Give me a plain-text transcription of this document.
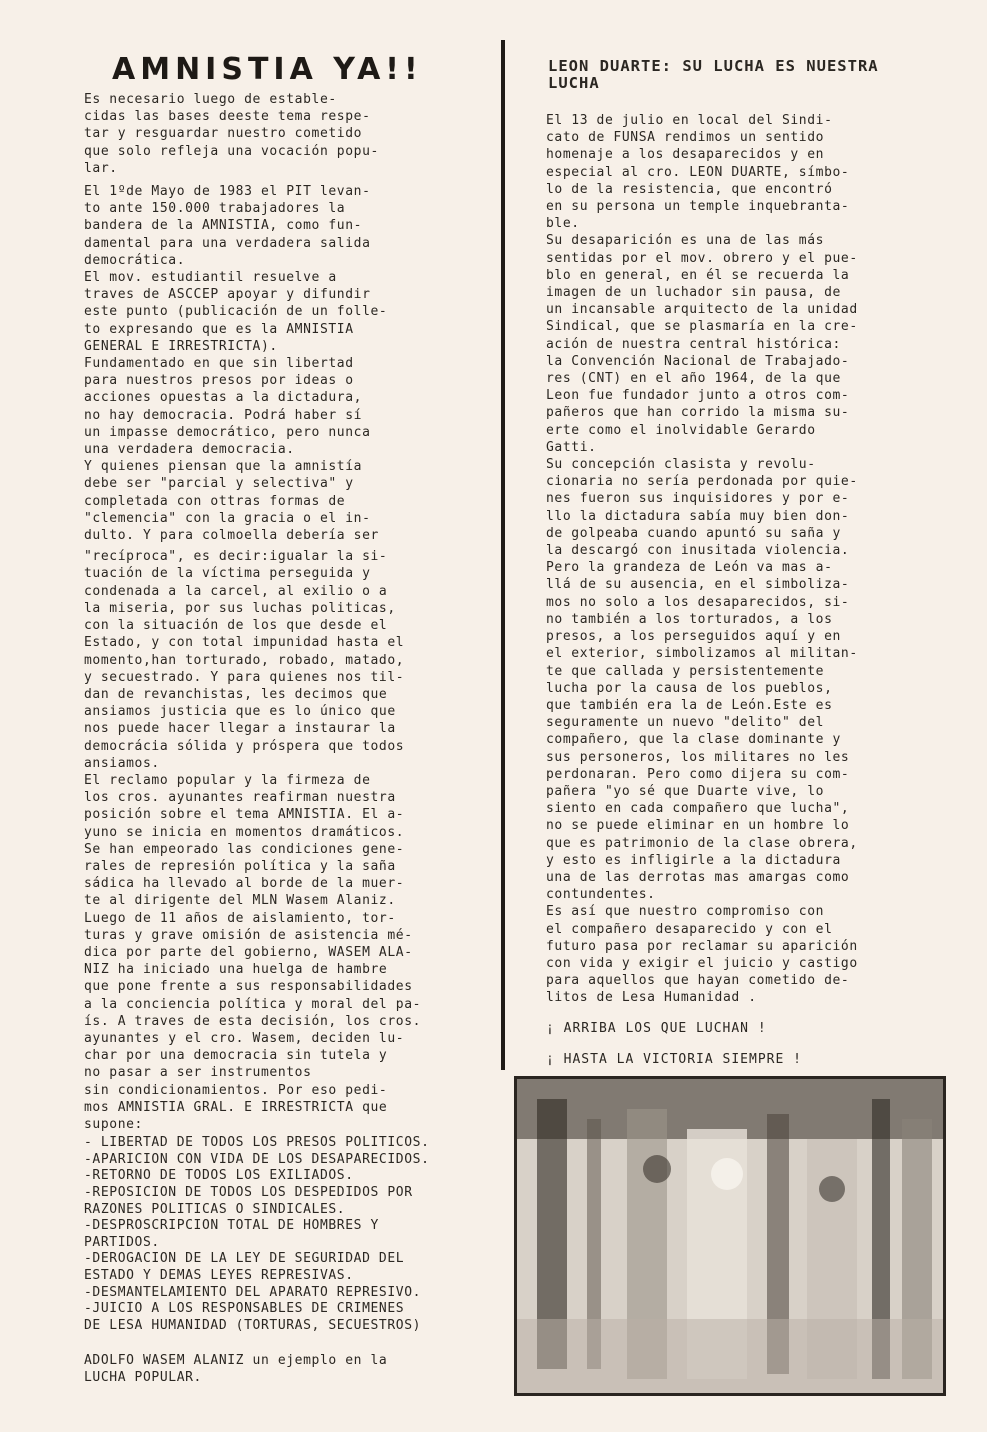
AMNISTIA YA!!

Es necesario luego de estable-
cidas las bases deeste tema respe-
tar y resguardar nuestro cometido
que solo refleja una vocación popu-
lar.

El 1ºde Mayo de 1983 el PIT levan-
to ante 150.000 trabajadores la
bandera de la AMNISTIA, como fun-
damental para una verdadera salida
democrática.

El mov. estudiantil resuelve a
traves de ASCCEP apoyar y difundir
este punto (publicación de un folle-
to expresando que es la AMNISTIA
GENERAL E IRRESTRICTA).

Fundamentado en que sin libertad
para nuestros presos por ideas o
acciones opuestas a la dictadura,
no hay democracia. Podrá haber sí
un impasse democrático, pero nunca
una verdadera democracia.

Y quienes piensan que la amnistía
debe ser "parcial y selectiva" y
completada con ottras formas de
"clemencia" con la gracia o el in-
dulto. Y para colmoella debería ser

"recíproca", es decir:igualar la si-
tuación de la víctima perseguida y
condenada a la carcel, al exilio o a
la miseria, por sus luchas politicas,
con la situación de los que desde el
Estado, y con total impunidad hasta el
momento,han torturado, robado, matado,
y secuestrado. Y para quienes nos til-
dan de revanchistas, les decimos que
ansiamos justicia que es lo único que
nos puede hacer llegar a instaurar la
democrácia sólida y próspera que todos
ansiamos.

El reclamo popular y la firmeza de
los cros. ayunantes reafirman nuestra
posición sobre el tema AMNISTIA. El a-
yuno se inicia en momentos dramáticos.
Se han empeorado las condiciones gene-
rales de represión política y la saña
sádica ha llevado al borde de la muer-
te al dirigente del MLN Wasem Alaniz.
Luego de 11 años de aislamiento, tor-
turas y grave omisión de asistencia mé-
dica por parte del gobierno, WASEM ALA-
NIZ ha iniciado una huelga de hambre
que pone frente a sus responsabilidades
a la conciencia política y moral del pa-
ís. A traves de esta decisión, los cros.
ayunantes y el cro. Wasem, deciden lu-
char por una democracia sin tutela y
no pasar a ser instrumentos
sin condicionamientos. Por eso pedi-
mos AMNISTIA GRAL. E IRRESTRICTA que
supone:

- LIBERTAD DE TODOS LOS PRESOS POLITICOS.
-APARICION CON VIDA DE LOS DESAPARECIDOS.
-RETORNO DE TODOS LOS EXILIADOS.
-REPOSICION DE TODOS LOS DESPEDIDOS POR
RAZONES POLITICAS O SINDICALES.
-DESPROSCRIPCION TOTAL DE HOMBRES Y
PARTIDOS.
-DEROGACION DE LA LEY DE SEGURIDAD DEL
ESTADO Y DEMAS LEYES REPRESIVAS.
-DESMANTELAMIENTO DEL APARATO REPRESIVO.
-JUICIO A LOS RESPONSABLES DE CRIMENES
DE LESA HUMANIDAD (TORTURAS, SECUESTROS)
ADOLFO WASEM ALANIZ un ejemplo en la
LUCHA POPULAR.
LEON DUARTE: SU LUCHA ES NUESTRA
LUCHA

El 13 de julio en local del Sindi-
cato de FUNSA rendimos un sentido
homenaje a los desaparecidos y en
especial al cro. LEON DUARTE, símbo-
lo de la resistencia, que encontró
en su persona un temple inquebranta-
ble.

Su desaparición es una de las más
sentidas por el mov. obrero y el pue-
blo en general, en él se recuerda la
imagen de un luchador sin pausa, de
un incansable arquitecto de la unidad
Sindical, que se plasmaría en la cre-
ación de nuestra central histórica:
la Convención Nacional de Trabajado-
res (CNT) en el año 1964, de la que
Leon fue fundador junto a otros com-
pañeros que han corrido la misma su-
erte como el inolvidable Gerardo
Gatti.

Su concepción clasista y revolu-
cionaria no sería perdonada por quie-
nes fueron sus inquisidores y por e-
llo la dictadura sabía muy bien don-
de golpeaba cuando apuntó su saña y
la descargó con inusitada violencia.

Pero la grandeza de León va mas a-
llá de su ausencia, en el simboliza-
mos no solo a los desaparecidos, si-
no también a los torturados, a los
presos, a los perseguidos aquí y en
el exterior, simbolizamos al militan-
te que callada y persistentemente
lucha por la causa de los pueblos,
que también era la de León.Este es
seguramente un nuevo "delito" del
compañero, que la clase dominante y
sus personeros, los militares no les
perdonaran. Pero como dijera su com-
pañera "yo sé que Duarte vive, lo
siento en cada compañero que lucha",
no se puede eliminar en un hombre lo
que es patrimonio de la clase obrera,
y esto es infligirle a la dictadura
una de las derrotas mas amargas como
contundentes.

Es así que nuestro compromiso con
el compañero desaparecido y con el
futuro pasa por reclamar su aparición
con vida y exigir el juicio y castigo
para aquellos que hayan cometido de-
litos de Lesa Humanidad .

¡ ARRIBA LOS QUE LUCHAN !
¡ HASTA LA VICTORIA SIEMPRE !
